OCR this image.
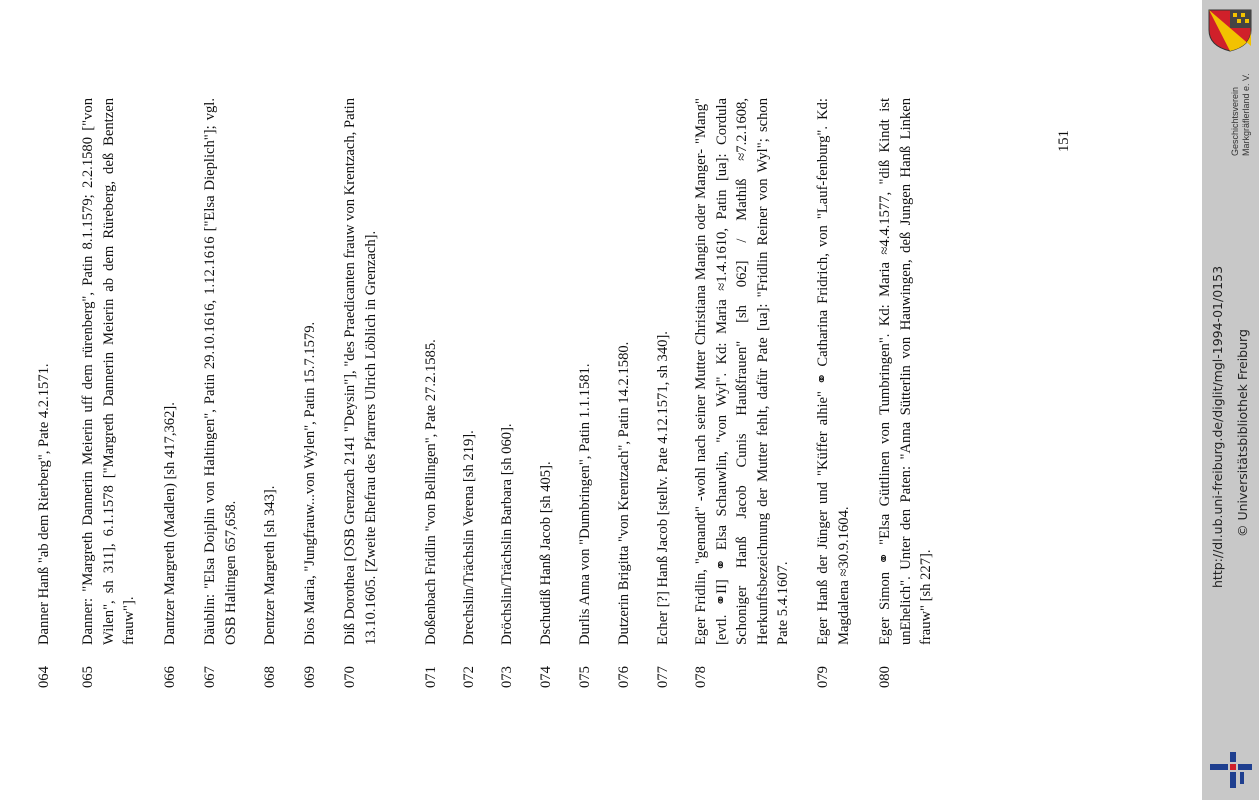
064
Danner Hanß "ab dem Rierberg", Pate 4.2.1571.
065
Danner: "Margreth Dannerin Meierin uff dem rürenberg", Patin 8.1.1579; 2.2.1580 ["von Wilen", sh 311], 6.1.1578 ["Margreth Dannerin Meierin ab dem Rüreberg, deß Bentzen frauw"].
066
Dantzer Margreth (Madlen) [sh 417,362].
067
Däublin: "Elsa Doiplin von Haltingen", Patin 29.10.1616, 1.12.1616 ["Elsa Dieplich"]; vgl. OSB Haltingen 657,658.
068
Dentzer Margreth [sh 343].
069
Dios Maria, "Jungfrauw...von Wylen", Patin 15.7.1579.
070
Diß Dorothea [OSB Grenzach 2141 "Deysin"], "des Praedicanten frauw von Krentzach, Patin 13.10.1605. [Zweite Ehefrau des Pfarrers Ulrich Löblich in Grenzach].
071
Doßenbach Fridlin "von Bellingen", Pate 27.2.1585.
072
Drechslin/Trächslin Verena [sh 219].
073
Dröchslin/Trächslin Barbara [sh 060].
074
Dschudiß Hanß Jacob [sh 405].
075
Durlis Anna von "Dumbringen", Patin 1.1.1581.
076
Dutzerin Brigitta "von Krentzach", Patin 14.2.1580.
077
Echer [?] Hanß Jacob [stellv. Pate 4.12.1571, sh 340].
078
Eger Fridlin, "genandt" -wohl nach seiner Mutter Christiana Mangin oder Manger- "Mang" [evtl. ⚭II] ⚭ Elsa Schauwlin, "von Wyl". Kd: Maria ≈1.4.1610, Patin [ua]: Cordula Schoniger Hanß Jacob Cunis Haußfrauen" [sh 062] / Mathiß ≈7.2.1608, Herkunftsbezeichnung der Mutter fehlt, dafür Pate [ua]: "Fridlin Reiner von Wyl"; schon Pate 5.4.1607.
079
Eger Hanß der Jünger und "Küffer alhie" ⚭ Catharina Fridrich, von "Lauf-fenburg". Kd: Magdalena ≈30.9.1604.
080
Eger Simon ⚭ "Elsa Güttlinen von Tumbringen". Kd: Maria ≈4.4.1577, "diß Kindt ist unEhelich". Unter den Paten: "Anna Sütterlin von Hauwingen, deß Jungen Hanß Linken frauw" [sh 227].
151	Geschichtsverein Markgräflerland e. V.
http://dl.ub.uni-freiburg.de/diglit/mgl-1994-01/0153 © Universitätsbibliothek Freiburg
